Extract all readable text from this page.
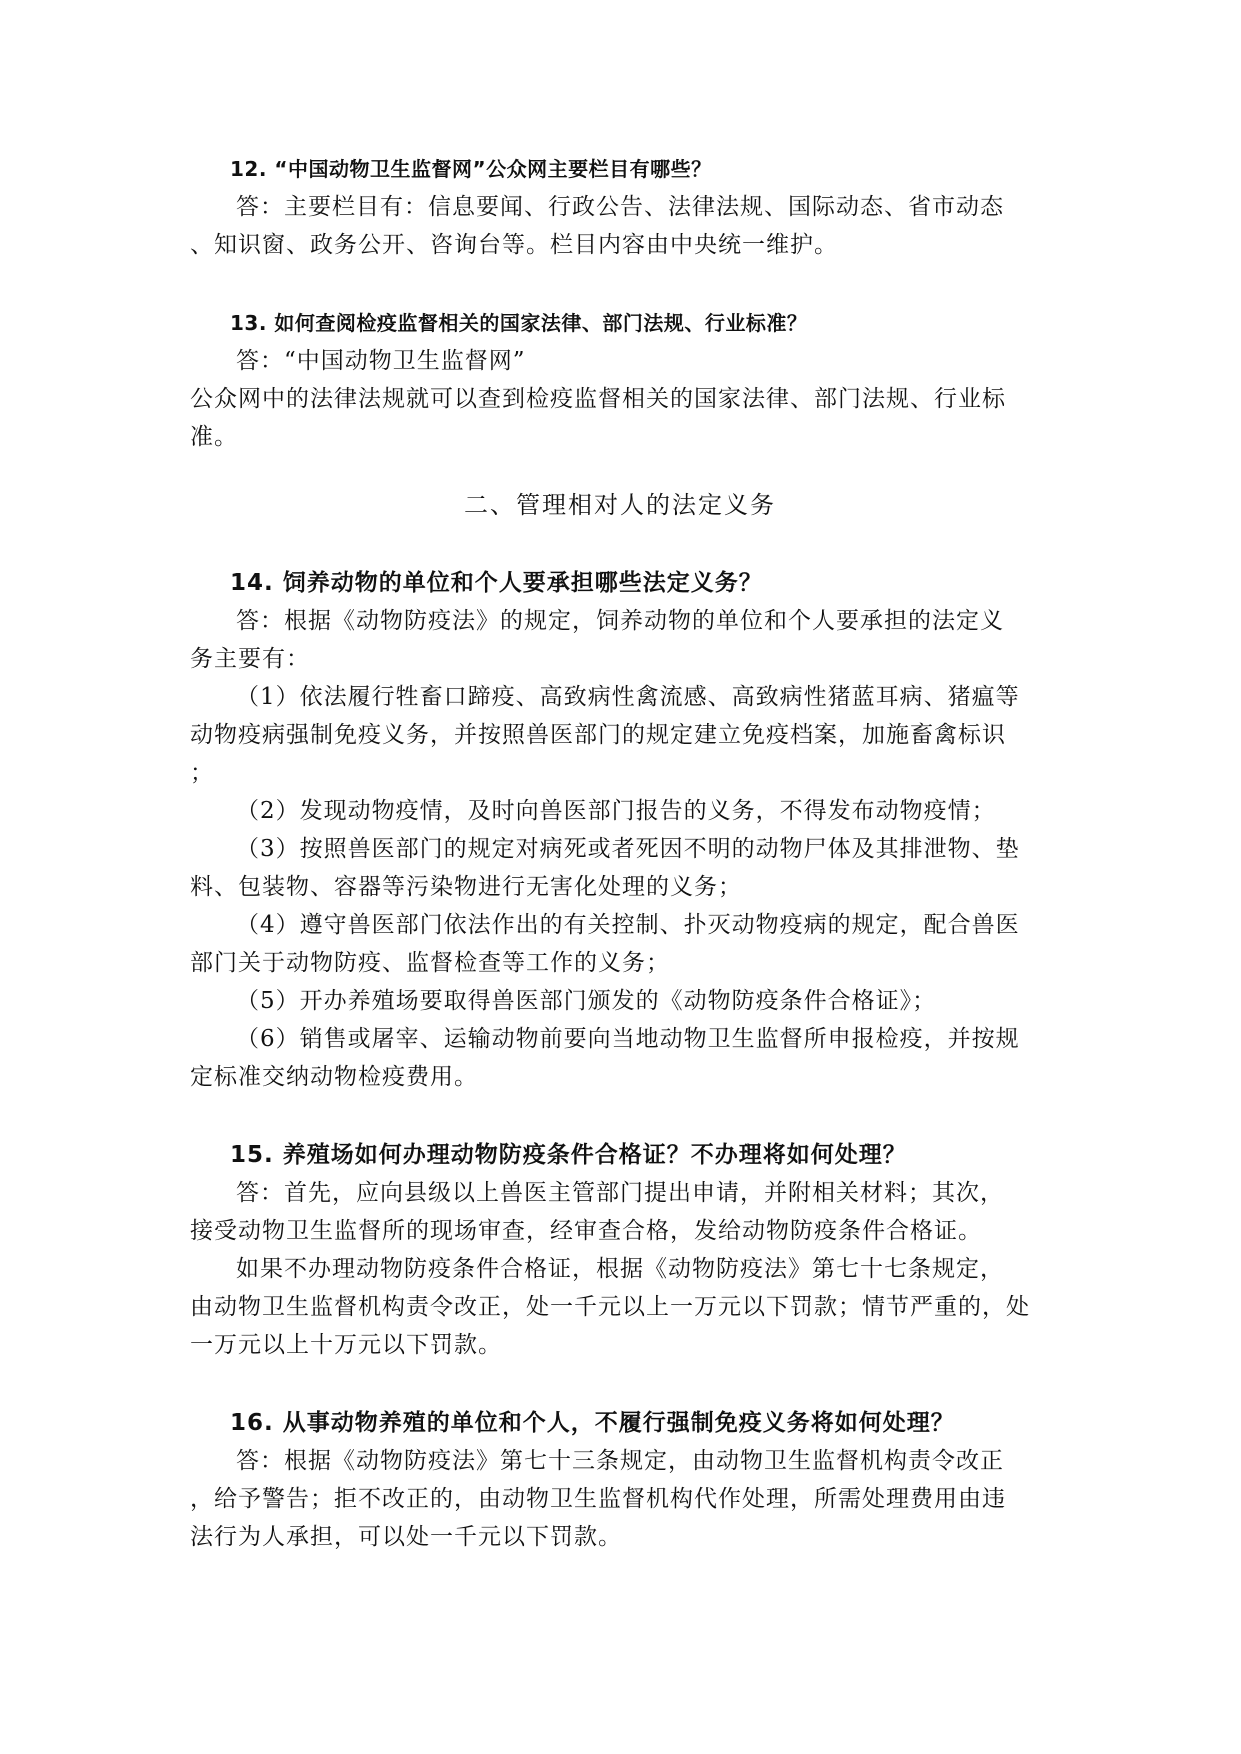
12. “中国动物卫生监督网”公众网主要栏目有哪些？
答：主要栏目有：信息要闻、行政公告、法律法规、国际动态、省市动态
、知识窗、政务公开、咨询台等。栏目内容由中央统一维护。
13. 如何查阅检疫监督相关的国家法律、部门法规、行业标准？
答：“中国动物卫生监督网”
公众网中的法律法规就可以查到检疫监督相关的国家法律、部门法规、行业标
准。
二、管理相对人的法定义务
14. 饲养动物的单位和个人要承担哪些法定义务？
答：根据《动物防疫法》的规定，饲养动物的单位和个人要承担的法定义
务主要有：
（1）依法履行牲畜口蹄疫、高致病性禽流感、高致病性猪蓝耳病、猪瘟等
动物疫病强制免疫义务，并按照兽医部门的规定建立免疫档案，加施畜禽标识
；
（2）发现动物疫情，及时向兽医部门报告的义务，不得发布动物疫情；
（3）按照兽医部门的规定对病死或者死因不明的动物尸体及其排泄物、垫
料、包装物、容器等污染物进行无害化处理的义务；
（4）遵守兽医部门依法作出的有关控制、扑灭动物疫病的规定，配合兽医
部门关于动物防疫、监督检查等工作的义务；
（5）开办养殖场要取得兽医部门颁发的《动物防疫条件合格证》；
（6）销售或屠宰、运输动物前要向当地动物卫生监督所申报检疫，并按规
定标准交纳动物检疫费用。
15. 养殖场如何办理动物防疫条件合格证？不办理将如何处理？
答：首先，应向县级以上兽医主管部门提出申请，并附相关材料；其次，
接受动物卫生监督所的现场审查，经审查合格，发给动物防疫条件合格证。
如果不办理动物防疫条件合格证，根据《动物防疫法》第七十七条规定，
由动物卫生监督机构责令改正，处一千元以上一万元以下罚款；情节严重的，处
一万元以上十万元以下罚款。
16. 从事动物养殖的单位和个人，不履行强制免疫义务将如何处理？
答：根据《动物防疫法》第七十三条规定，由动物卫生监督机构责令改正
，给予警告；拒不改正的，由动物卫生监督机构代作处理，所需处理费用由违
法行为人承担，可以处一千元以下罚款。
